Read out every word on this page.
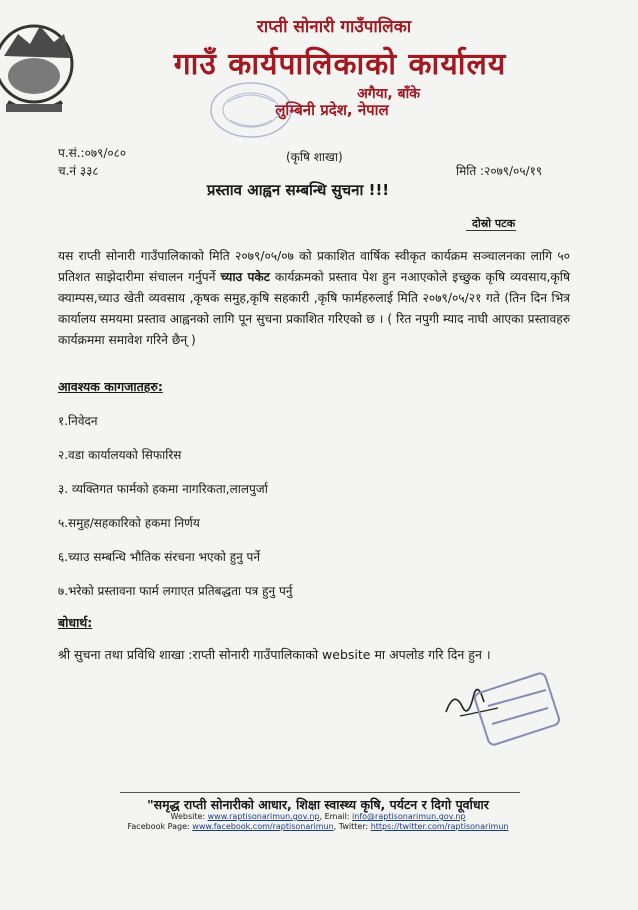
राप्ती सोनारी गाउँपालिका
गाउँ कार्यपालिकाको कार्यालय
अगैया, बाँके
लुम्बिनी प्रदेश, नेपाल
प.सं.:०७९/०८०
च.नं ३३८
(कृषि शाखा)
मिति :२०७९/०५/१९
प्रस्ताव आह्वन सम्बन्धि सुचना !!!
दोस्रो पटक
यस राप्ती सोनारी गाउँपालिकाको मिति २०७९/०५/०७ को प्रकाशित वार्षिक स्वीकृत कार्यक्रम सञ्चालनका लागि ५० प्रतिशत साझेदारीमा संचालन गर्नुपर्ने च्याउ पकेट कार्यक्रमको प्रस्ताव पेश हुन नआएकोले इच्छुक कृषि व्यवसाय,कृषि क्याम्पस,च्याउ खेती व्यवसाय ,कृषक समुह,कृषि सहकारी ,कृषि फार्महरुलाई मिति २०७९/०५/२१ गते (तिन दिन भित्र कार्यालय समयमा प्रस्ताव आह्वनको लागि पून सुचना प्रकाशित गरिएको छ । ( रित नपुगी म्याद नाघी आएका प्रस्तावहरु कार्यक्रममा समावेश गरिने छैन् )
आवश्यक कागजातहरु:
१.निवेदन
२.वडा कार्यालयको सिफारिस
३. व्यक्तिगत फार्मको हकमा नागरिकता,लालपुर्जा
५.समुह/सहकारिको हकमा निर्णय
६.च्याउ सम्बन्धि भौतिक संरचना भएको हुनु पर्ने
७.भरेको प्रस्तावना फार्म लगाएत प्रतिबद्धता पत्र हुनु पर्नु
बोधार्थ:
श्री सुचना तथा प्रविधि शाखा :राप्ती सोनारी गाउँपालिकाको website मा अपलोड गरि दिन हुन ।
"समृद्ध राप्ती सोनारीको आधार, शिक्षा स्वास्थ्य कृषि, पर्यटन र दिगो पूर्वाधार
Website: www.raptisonarimun.gov.np, Email: info@raptisonarimun.gov.np
Facebook Page: www.facebook.com/raptisonarimun, Twitter: https://twitter.com/raptisonarimun
